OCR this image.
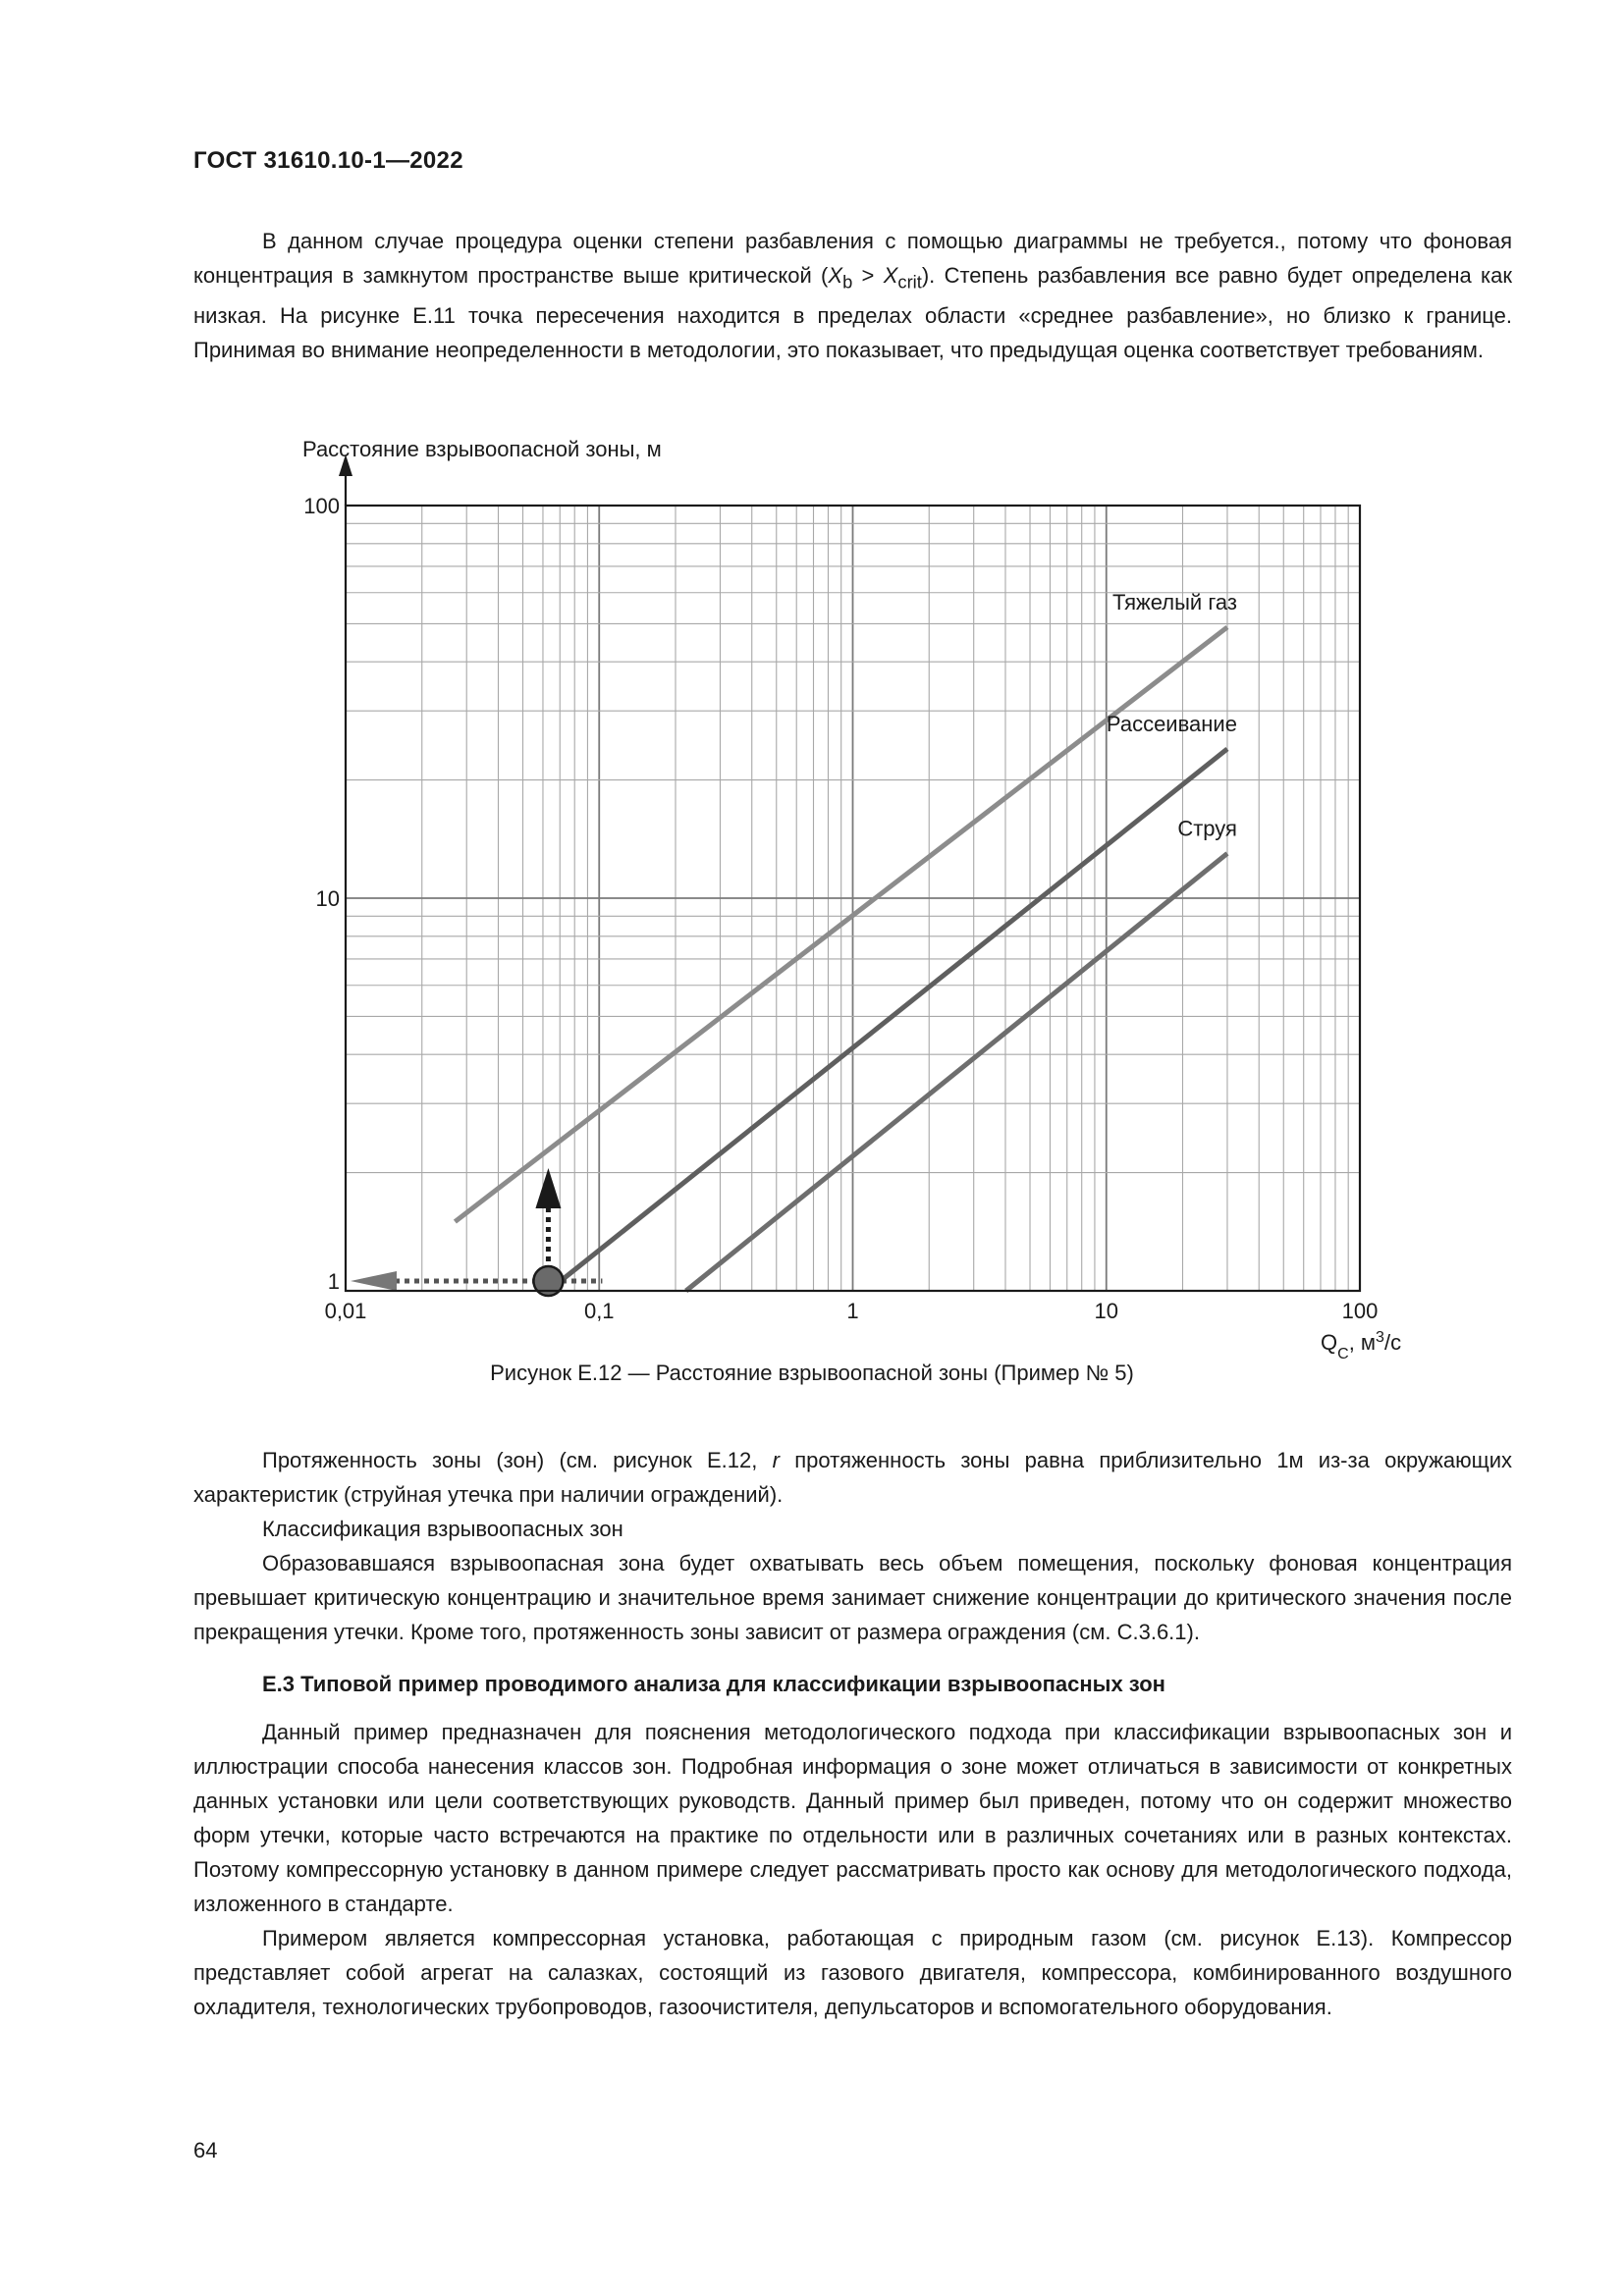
ГОСТ 31610.10-1—2022

В данном случае процедура оценки степени разбавления с помощью диаграммы не требуется., потому что фоновая концентрация в замкнутом пространстве выше критической $(X_b > X_{crit})$. Степень разбавления все равно будет определена как низкая. На рисунке Е.11 точка пересечения находится в пределах области «среднее разбавление», но близко к границе. Принимая во внимание неопределенности в методологии, это показывает, что предыдущая оценка соответствует требованиям.

Тяжелый газ
Рассеивание
Струя
0,01	0,1	1	10	100
1
10
100
Расстояние взрывоопасной зоны, м
$Q_C$, $м^3/с$
Рисунок Е.12 — Расстояние взрывоопасной зоны (Пример № 5)

Протяженность зоны (зон) (см. рисунок Е.12, r протяженность зоны равна приблизительно 1м из-за окружающих характеристик (струйная утечка при наличии ограждений).

Классификация взрывоопасных зон

Образовавшаяся взрывоопасная зона будет охватывать весь объем помещения, поскольку фоновая концентрация превышает критическую концентрацию и значительное время занимает снижение концентрации до критического значения после прекращения утечки. Кроме того, протяженность зоны зависит от размера ограждения (см. С.3.6.1).

Е.3 Типовой пример проводимого анализа для классификации взрывоопасных зон

Данный пример предназначен для пояснения методологического подхода при классификации взрывоопасных зон и иллюстрации способа нанесения классов зон. Подробная информация о зоне может отличаться в зависимости от конкретных данных установки или цели соответствующих руководств. Данный пример был приведен, потому что он содержит множество форм утечки, которые часто встречаются на практике по отдельности или в различных сочетаниях или в разных контекстах. Поэтому компрессорную установку в данном примере следует рассматривать просто как основу для методологического подхода, изложенного в стандарте.

Примером является компрессорная установка, работающая с природным газом (см. рисунок Е.13). Компрессор представляет собой агрегат на салазках, состоящий из газового двигателя, компрессора, комбинированного воздушного охладителя, технологических трубопроводов, газоочистителя, депульсаторов и вспомогательного оборудования.

64
